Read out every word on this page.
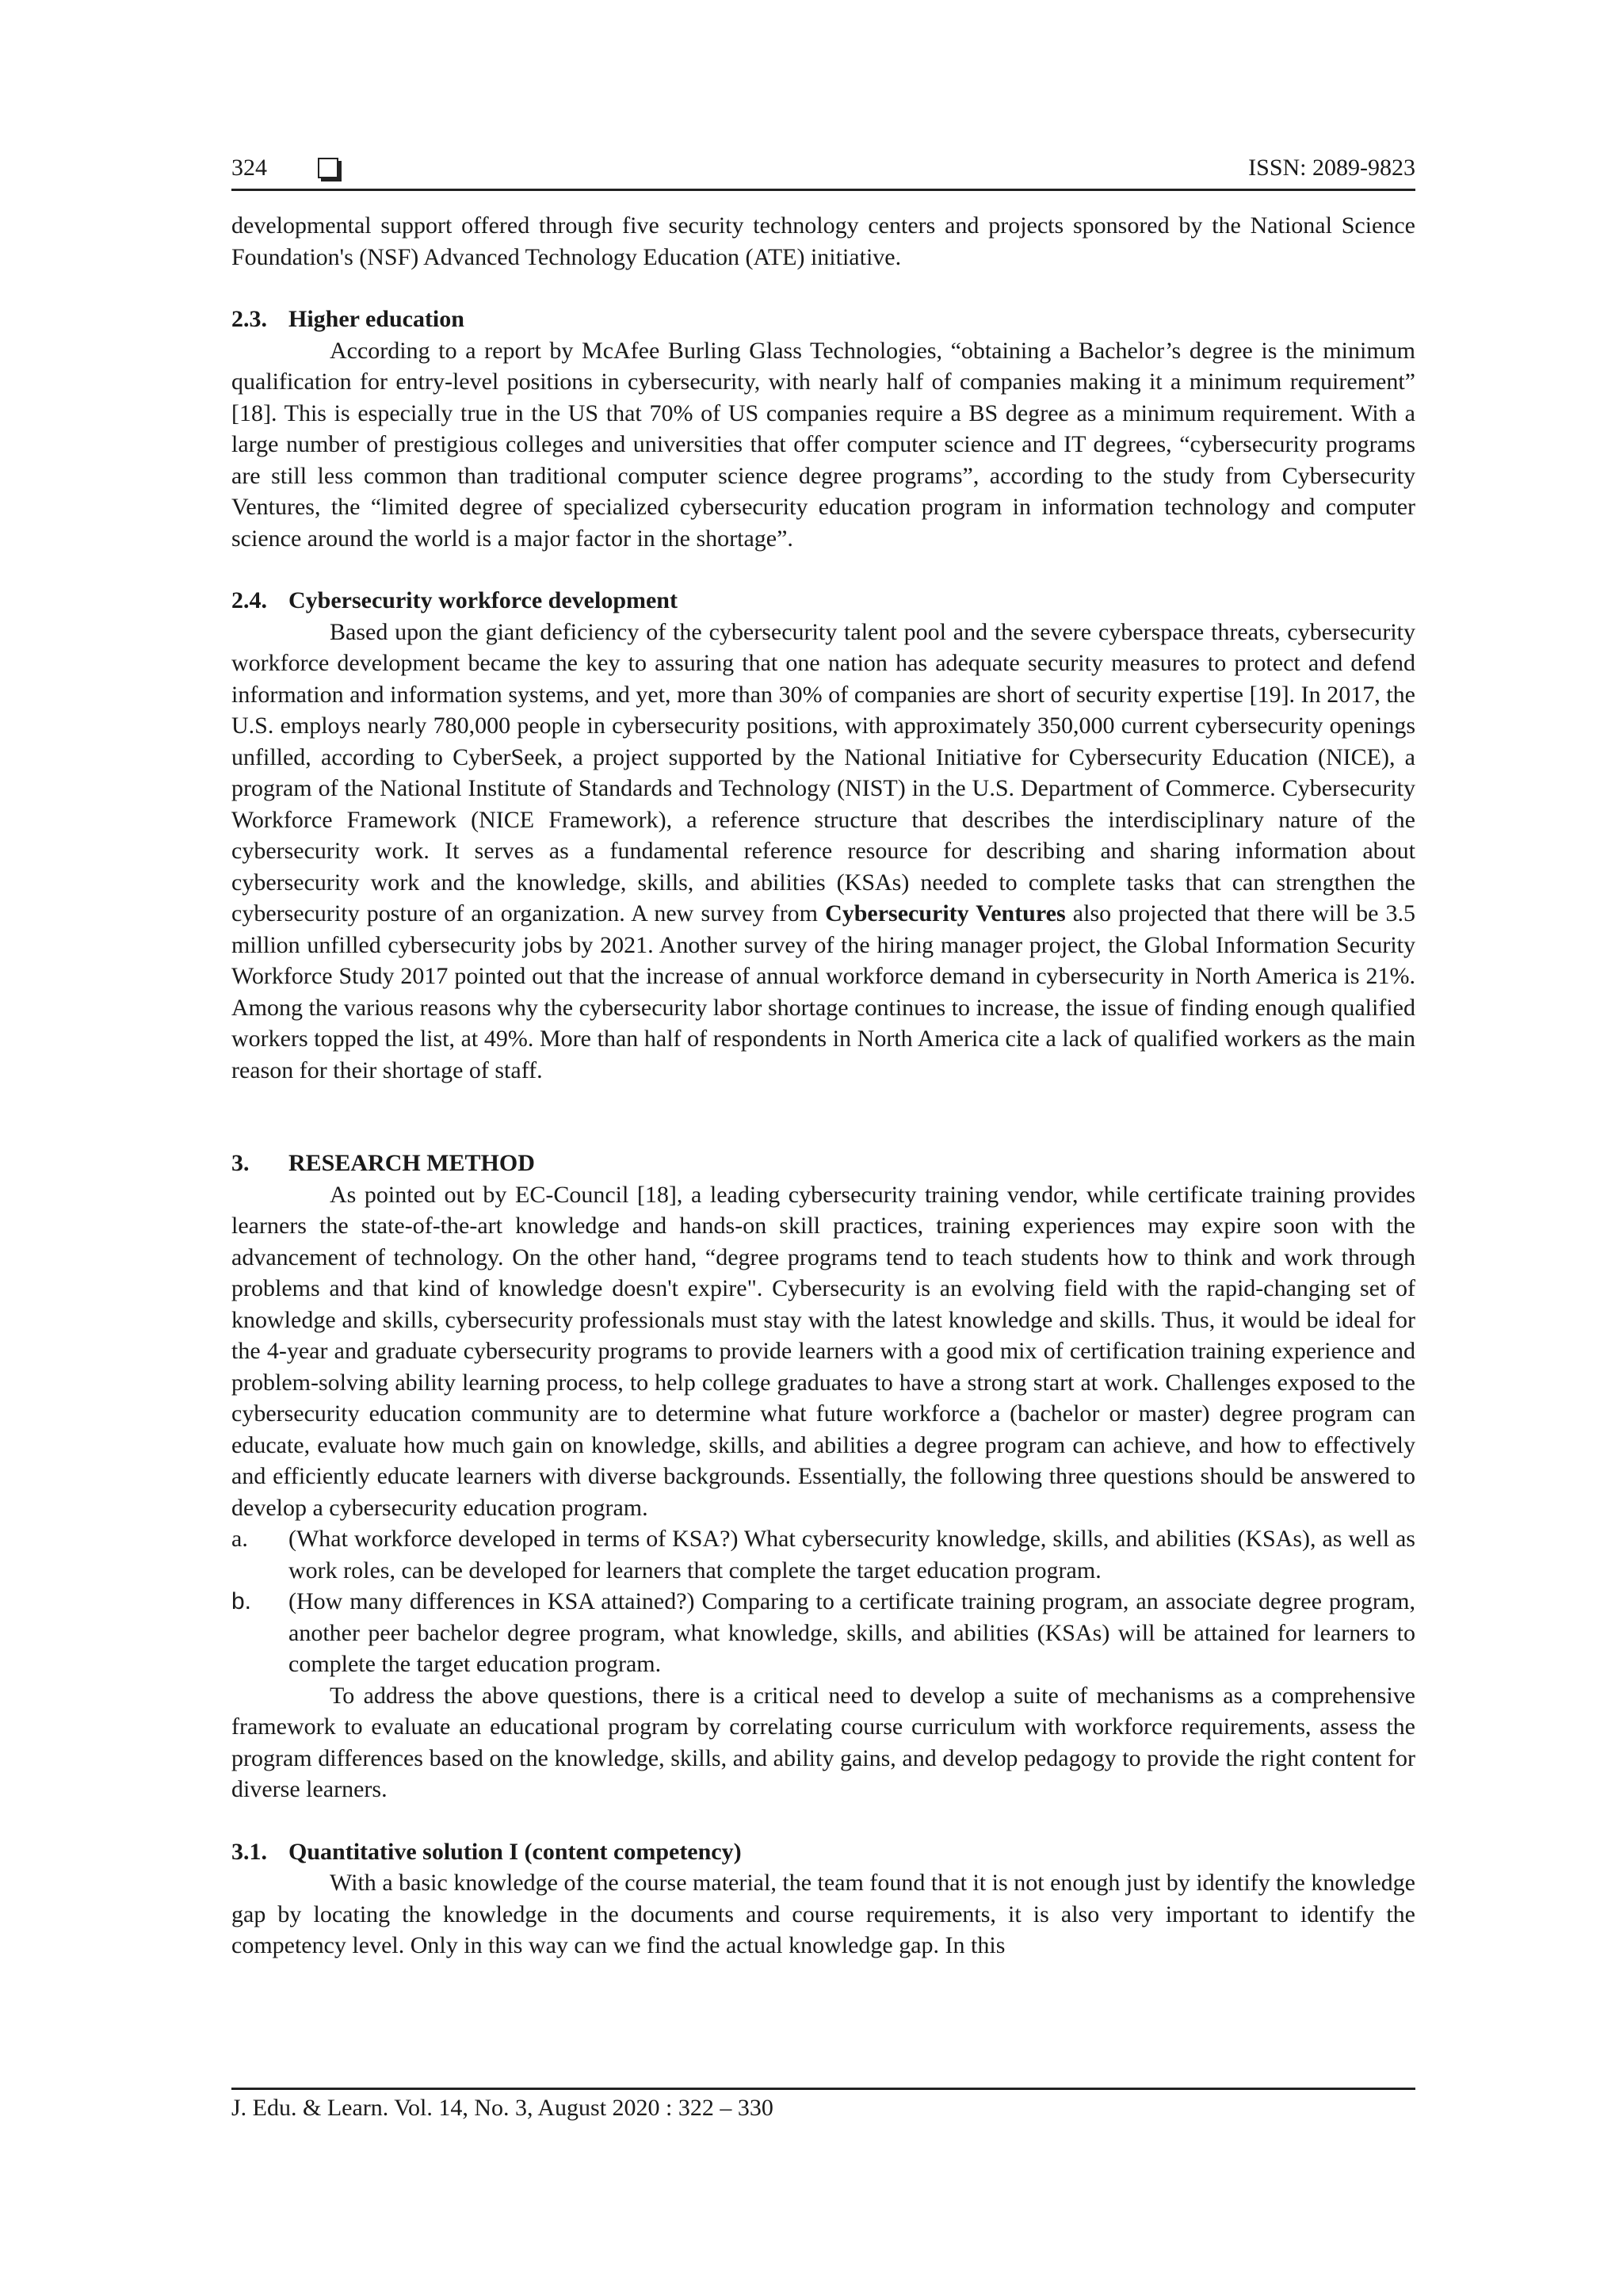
324	ISSN: 2089-9823

developmental support offered through five security technology centers and projects sponsored by the National Science Foundation's (NSF) Advanced Technology Education (ATE) initiative.

2.3. Higher education

According to a report by McAfee Burling Glass Technologies, “obtaining a Bachelor’s degree is the minimum qualification for entry-level positions in cybersecurity, with nearly half of companies making it a minimum requirement” [18]. This is especially true in the US that 70% of US companies require a BS degree as a minimum requirement. With a large number of prestigious colleges and universities that offer computer science and IT degrees, “cybersecurity programs are still less common than traditional computer science degree programs”, according to the study from Cybersecurity Ventures, the “limited degree of specialized cybersecurity education program in information technology and computer science around the world is a major factor in the shortage”.

2.4. Cybersecurity workforce development

Based upon the giant deficiency of the cybersecurity talent pool and the severe cyberspace threats, cybersecurity workforce development became the key to assuring that one nation has adequate security measures to protect and defend information and information systems, and yet, more than 30% of companies are short of security expertise [19]. In 2017, the U.S. employs nearly 780,000 people in cybersecurity positions, with approximately 350,000 current cybersecurity openings unfilled, according to CyberSeek, a project supported by the National Initiative for Cybersecurity Education (NICE), a program of the National Institute of Standards and Technology (NIST) in the U.S. Department of Commerce. Cybersecurity Workforce Framework (NICE Framework), a reference structure that describes the interdisciplinary nature of the cybersecurity work. It serves as a fundamental reference resource for describing and sharing information about cybersecurity work and the knowledge, skills, and abilities (KSAs) needed to complete tasks that can strengthen the cybersecurity posture of an organization. A new survey from Cybersecurity Ventures also projected that there will be 3.5 million unfilled cybersecurity jobs by 2021. Another survey of the hiring manager project, the Global Information Security Workforce Study 2017 pointed out that the increase of annual workforce demand in cybersecurity in North America is 21%. Among the various reasons why the cybersecurity labor shortage continues to increase, the issue of finding enough qualified workers topped the list, at 49%. More than half of respondents in North America cite a lack of qualified workers as the main reason for their shortage of staff.

3. RESEARCH METHOD

As pointed out by EC-Council [18], a leading cybersecurity training vendor, while certificate training provides learners the state-of-the-art knowledge and hands-on skill practices, training experiences may expire soon with the advancement of technology. On the other hand, “degree programs tend to teach students how to think and work through problems and that kind of knowledge doesn't expire". Cybersecurity is an evolving field with the rapid-changing set of knowledge and skills, cybersecurity professionals must stay with the latest knowledge and skills. Thus, it would be ideal for the 4-year and graduate cybersecurity programs to provide learners with a good mix of certification training experience and problem-solving ability learning process, to help college graduates to have a strong start at work. Challenges exposed to the cybersecurity education community are to determine what future workforce a (bachelor or master) degree program can educate, evaluate how much gain on knowledge, skills, and abilities a degree program can achieve, and how to effectively and efficiently educate learners with diverse backgrounds. Essentially, the following three questions should be answered to develop a cybersecurity education program.

a.	(What workforce developed in terms of KSA?) What cybersecurity knowledge, skills, and abilities (KSAs), as well as work roles, can be developed for learners that complete the target education program.
b.	(How many differences in KSA attained?) Comparing to a certificate training program, an associate degree program, another peer bachelor degree program, what knowledge, skills, and abilities (KSAs) will be attained for learners to complete the target education program.

To address the above questions, there is a critical need to develop a suite of mechanisms as a comprehensive framework to evaluate an educational program by correlating course curriculum with workforce requirements, assess the program differences based on the knowledge, skills, and ability gains, and develop pedagogy to provide the right content for diverse learners.

3.1. Quantitative solution I (content competency)

With a basic knowledge of the course material, the team found that it is not enough just by identify the knowledge gap by locating the knowledge in the documents and course requirements, it is also very important to identify the competency level. Only in this way can we find the actual knowledge gap. In this

J. Edu. & Learn. Vol. 14, No. 3, August 2020 : 322 – 330
